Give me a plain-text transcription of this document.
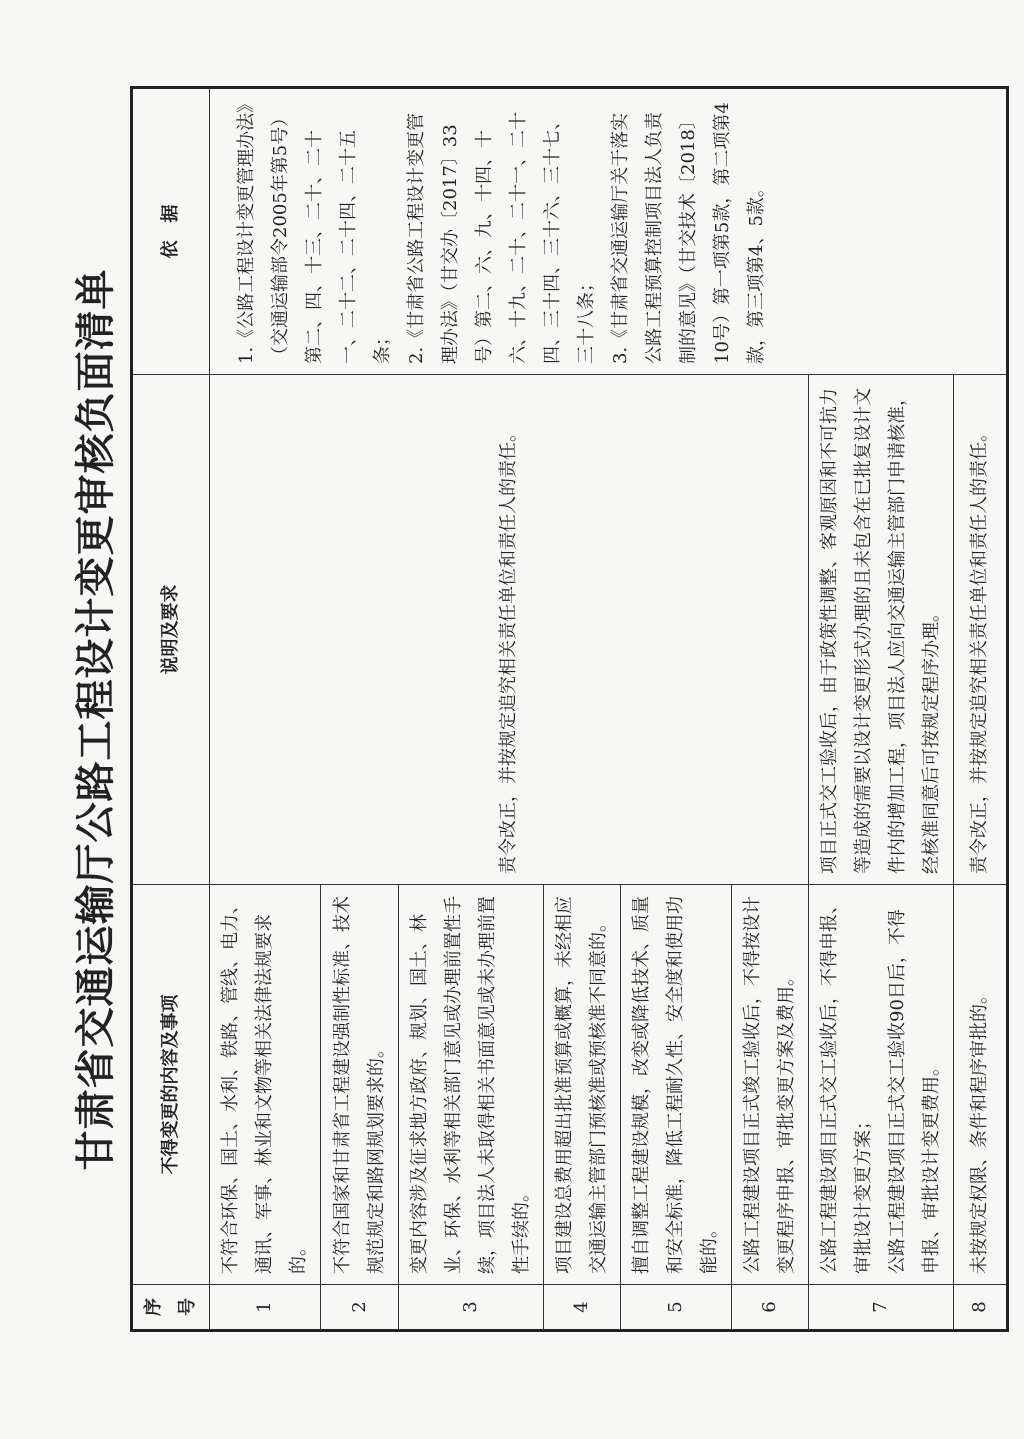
甘肃省交通运输厅公路工程设计变更审核负面清单
序号	不得变更的内容及事项	说明及要求	依　据
1	不符合环保、国土、水利、铁路、管线、电力、通讯、军事、林业和文物等相关法律法规要求的。	责令改正，并按规定追究相关责任单位和责任人的责任。	1.《公路工程设计变更管理办法》（交通运输部令2005年第5号）第二、四、十三、二十、二十一、二十二、二十四、二十五条； 2.《甘肃省公路工程设计变更管理办法》（甘交办〔2017〕33号）第二、六、九、十四、十六、十九、二十、二十一、二十四、三十四、三十六、三十七、三十八条； 3.《甘肃省交通运输厅关于落实公路工程预算控制项目法人负责制的意见》（甘交技术〔2018〕10号）第一项第5款，第二项第4款，第三项第4、5款。

2	不符合国家和甘肃省工程建设强制性标准、技术规范规定和路网规划要求的。		
3	变更内容涉及征求地方政府、规划、国土、林业、环保、水利等相关部门意见或办理前置性手续，项目法人未取得相关书面意见或未办理前置性手续的。		
4	项目建设总费用超出批准预算或概算，未经相应交通运输主管部门预核准或预核准不同意的。		
5	擅自调整工程建设规模，改变或降低技术、质量和安全标准，降低工程耐久性、安全度和使用功能的。		
6	公路工程建设项目正式竣工验收后，不得按设计变更程序申报、审批变更方案及费用。		
7	公路工程建设项目正式交工验收后，不得申报、审批设计变更方案； 公路工程建设项目正式交工验收90日后，不得申报、审批设计变更费用。	项目正式交工验收后，由于政策性调整、客观原因和不可抗力等造成的需要以设计变更形式办理的且未包含在已批复设计文件内的增加工程，项目法人应向交通运输主管部门申请核准，经核准同意后可按规定程序办理。	
8	未按规定权限、条件和程序审批的。	责令改正，并按规定追究相关责任单位和责任人的责任。	
